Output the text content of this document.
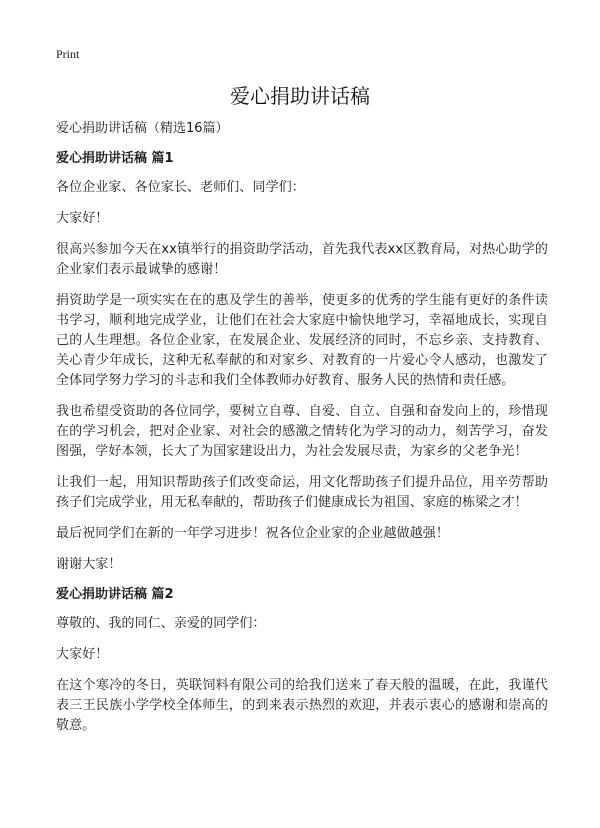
Print
爱心捐助讲话稿

爱心捐助讲话稿（精选16篇）

爱心捐助讲话稿 篇1

各位企业家、各位家长、老师们、同学们：

大家好！

很高兴参加今天在xx镇举行的捐资助学活动，首先我代表xx区教育局，对热心助学的企业家们表示最诚挚的感谢！

捐资助学是一项实实在在的惠及学生的善举，使更多的优秀的学生能有更好的条件读书学习，顺利地完成学业，让他们在社会大家庭中愉快地学习，幸福地成长，实现自己的人生理想。各位企业家，在发展企业、发展经济的同时，不忘乡亲、支持教育、关心青少年成长，这种无私奉献的和对家乡、对教育的一片爱心令人感动，也激发了全体同学努力学习的斗志和我们全体教师办好教育、服务人民的热情和责任感。

我也希望受资助的各位同学，要树立自尊、自爱、自立、自强和奋发向上的，珍惜现在的学习机会，把对企业家、对社会的感激之情转化为学习的动力，刻苦学习，奋发图强，学好本领，长大了为国家建设出力，为社会发展尽责，为家乡的父老争光！

让我们一起，用知识帮助孩子们改变命运，用文化帮助孩子们提升品位，用辛劳帮助孩子们完成学业，用无私奉献的，帮助孩子们健康成长为祖国、家庭的栋梁之才！

最后祝同学们在新的一年学习进步！祝各位企业家的企业越做越强！

谢谢大家！

爱心捐助讲话稿 篇2

尊敬的、我的同仁、亲爱的同学们：

大家好！

在这个寒冷的冬日，英联饲料有限公司的给我们送来了春天般的温暖，在此，我谨代表三王民族小学学校全体师生，的到来表示热烈的欢迎，并表示衷心的感谢和崇高的敬意。
